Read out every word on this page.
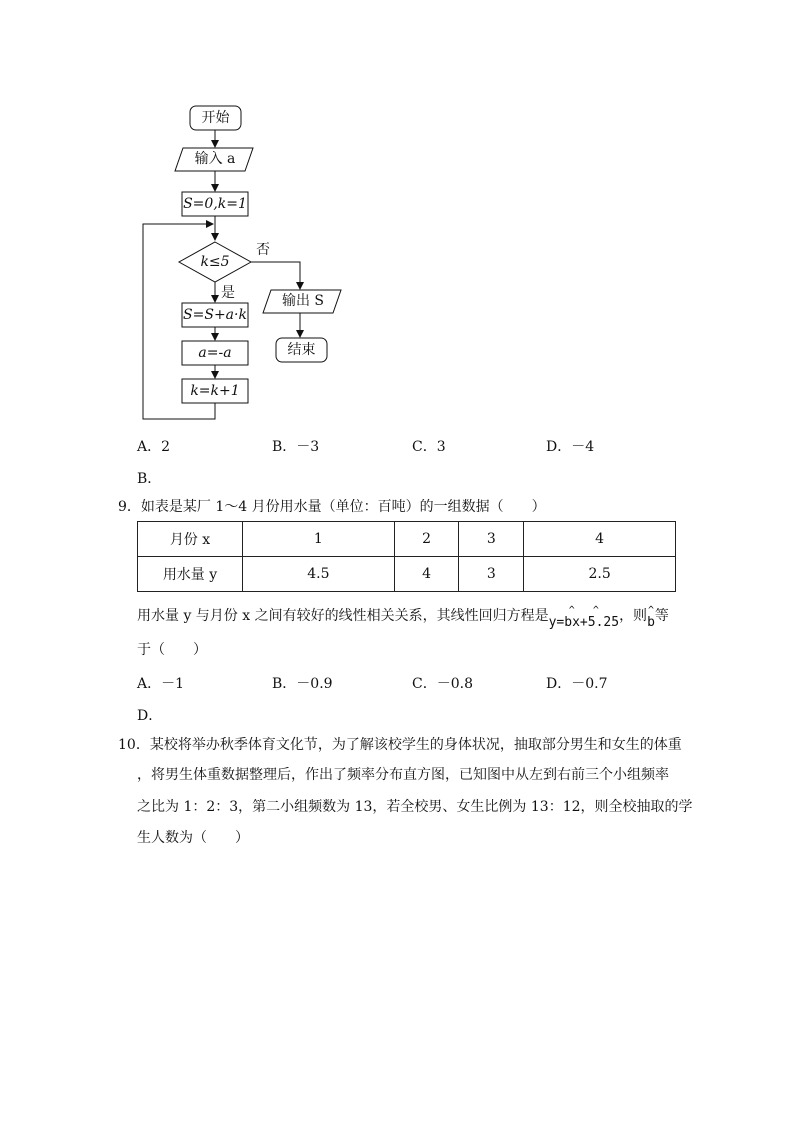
开始
输入 a
S=0,k=1
k≤5
否
是
S=S+a·k
a=-a
k=k+1
输出 S
结束
A．2	B．－3	C．3	D．－4
B．
9．如表是某厂 1～4 月份用水量（单位：百吨）的一组数据（　　）
月份 x	1	2	3	4
用水量 y	4.5	4	3	2.5
用水量 y 与月份 x 之间有较好的线性相关关系，其线性回归方程是	^   ^
y=bx+5.25，则 ^
b等
于（　　）
A．－1	B．－0.9	C．－0.8	D．－0.7
D．
10．某校将举办秋季体育文化节，为了解该校学生的身体状况，抽取部分男生和女生的体重
，将男生体重数据整理后，作出了频率分布直方图，已知图中从左到右前三个小组频率
之比为 1：2：3，第二小组频数为 13，若全校男、女生比例为 13：12，则全校抽取的学
生人数为（　　）
